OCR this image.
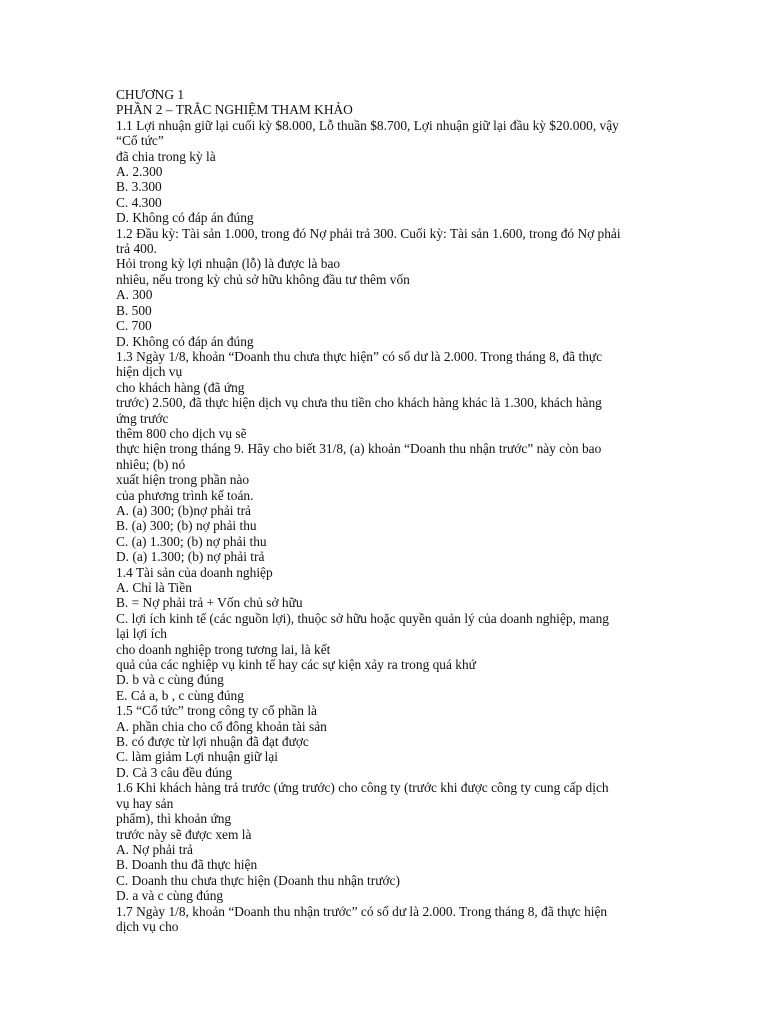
CHƯƠNG 1
PHẦN 2 – TRẮC NGHIỆM THAM KHẢO
1.1 Lợi nhuận giữ lại cuối kỳ $8.000, Lỗ thuần $8.700, Lợi nhuận giữ lại đầu kỳ $20.000, vậy
“Cổ tức”
đã chia trong kỳ là
A. 2.300
B. 3.300
C. 4.300
D. Không có đáp án đúng
1.2 Đầu kỳ: Tài sản 1.000, trong đó Nợ phải trả 300. Cuối kỳ: Tài sản 1.600, trong đó Nợ phải
trả 400.
Hỏi trong kỳ lợi nhuận (lỗ) là được là bao
nhiêu, nếu trong kỳ chủ sở hữu không đầu tư thêm vốn
A. 300
B. 500
C. 700
D. Không có đáp án đúng
1.3 Ngày 1/8, khoản “Doanh thu chưa thực hiện” có số dư là 2.000. Trong tháng 8, đã thực
hiện dịch vụ
cho khách hàng (đã ứng
trước) 2.500, đã thực hiện dịch vụ chưa thu tiền cho khách hàng khác là 1.300, khách hàng
ứng trước
thêm 800 cho dịch vụ sẽ
thực hiện trong tháng 9. Hãy cho biết 31/8, (a) khoản “Doanh thu nhận trước” này còn bao
nhiêu; (b) nó
xuất hiện trong phần nào
của phương trình kế toán.
A. (a) 300; (b)nợ phải trả
B. (a) 300; (b) nợ phải thu
C. (a) 1.300; (b) nợ phải thu
D. (a) 1.300; (b) nợ phải trả
1.4 Tài sản của doanh nghiệp
A. Chỉ là Tiền
B. = Nợ phải trả + Vốn chủ sở hữu
C. lợi ích kinh tế (các nguồn lợi), thuộc sở hữu hoặc quyền quản lý của doanh nghiệp, mang
lại lợi ích
cho doanh nghiệp trong tương lai, là kết
quả của các nghiệp vụ kinh tế hay các sự kiện xảy ra trong quá khứ
D. b và c cùng đúng
E. Cả a, b , c cùng đúng
1.5 “Cổ tức” trong công ty cổ phần là
A. phần chia cho cổ đông khoản tài sản
B. có được từ lợi nhuận đã đạt được
C. làm giảm Lợi nhuận giữ lại
D. Cả 3 câu đều đúng
1.6 Khi khách hàng trả trước (ứng trước) cho công ty (trước khi được công ty cung cấp dịch
vụ hay sản
phẩm), thì khoản ứng
trước này sẽ được xem là
A. Nợ phải trả
B. Doanh thu đã thực hiện
C. Doanh thu chưa thực hiện (Doanh thu nhận trước)
D. a và c cùng đúng
1.7 Ngày 1/8, khoản “Doanh thu nhận trước” có số dư là 2.000. Trong tháng 8, đã thực hiện
dịch vụ cho
